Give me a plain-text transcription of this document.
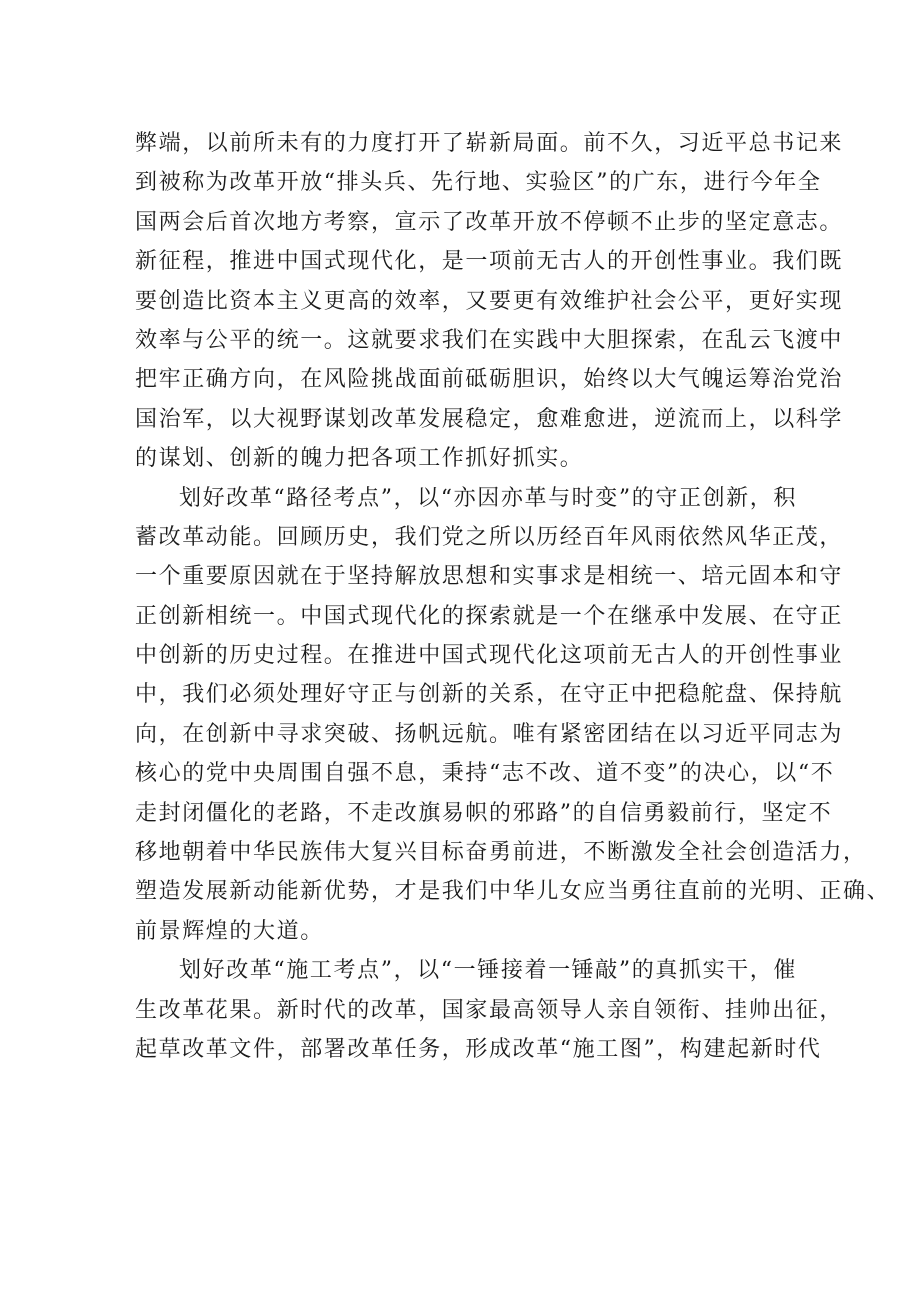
弊端，以前所未有的力度打开了崭新局面。前不久，习近平总书记来
到被称为改革开放“排头兵、先行地、实验区”的广东，进行今年全
国两会后首次地方考察，宣示了改革开放不停顿不止步的坚定意志。
新征程，推进中国式现代化，是一项前无古人的开创性事业。我们既
要创造比资本主义更高的效率，又要更有效维护社会公平，更好实现
效率与公平的统一。这就要求我们在实践中大胆探索，在乱云飞渡中
把牢正确方向，在风险挑战面前砥砺胆识，始终以大气魄运筹治党治
国治军，以大视野谋划改革发展稳定，愈难愈进，逆流而上，以科学
的谋划、创新的魄力把各项工作抓好抓实。
划好改革“路径考点”，以“亦因亦革与时变”的守正创新，积
蓄改革动能。回顾历史，我们党之所以历经百年风雨依然风华正茂，
一个重要原因就在于坚持解放思想和实事求是相统一、培元固本和守
正创新相统一。中国式现代化的探索就是一个在继承中发展、在守正
中创新的历史过程。在推进中国式现代化这项前无古人的开创性事业
中，我们必须处理好守正与创新的关系，在守正中把稳舵盘、保持航
向，在创新中寻求突破、扬帆远航。唯有紧密团结在以习近平同志为
核心的党中央周围自强不息，秉持“志不改、道不变”的决心，以“不
走封闭僵化的老路，不走改旗易帜的邪路”的自信勇毅前行，坚定不
移地朝着中华民族伟大复兴目标奋勇前进，不断激发全社会创造活力，
塑造发展新动能新优势，才是我们中华儿女应当勇往直前的光明、正确、
前景辉煌的大道。
划好改革“施工考点”，以“一锤接着一锤敲”的真抓实干，催
生改革花果。新时代的改革，国家最高领导人亲自领衔、挂帅出征，
起草改革文件，部署改革任务，形成改革“施工图”，构建起新时代
